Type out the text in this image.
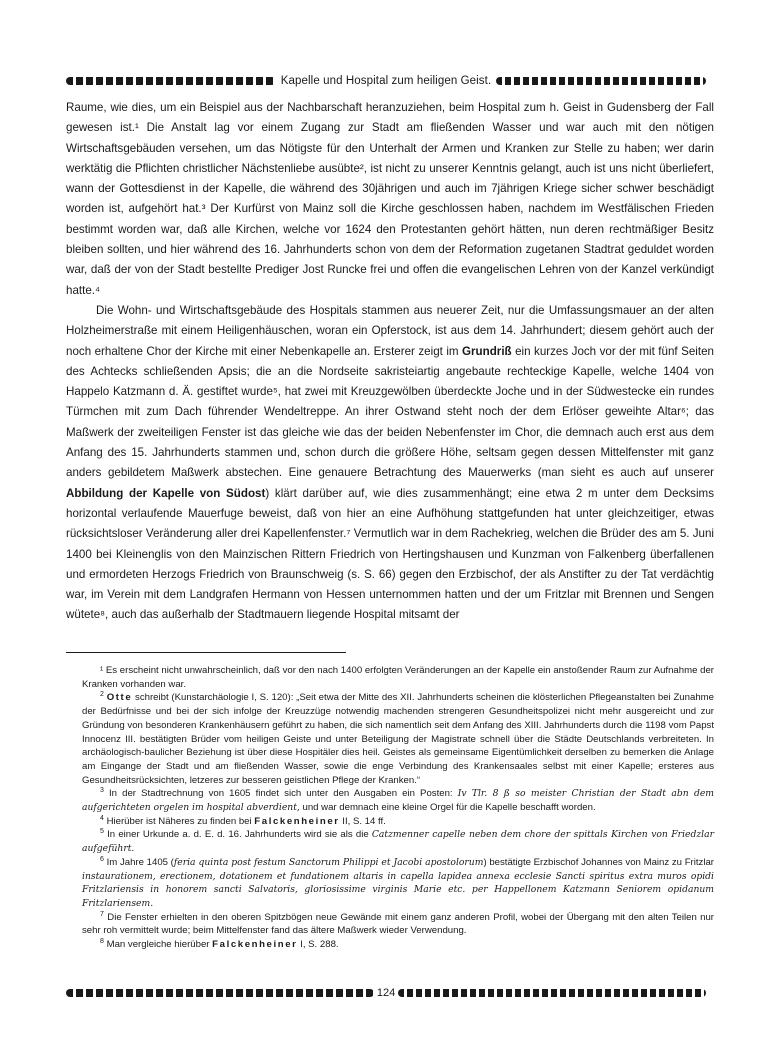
Kapelle und Hospital zum heiligen Geist.

Raume, wie dies, um ein Beispiel aus der Nachbarschaft heranzuziehen, beim Hospital zum h. Geist in Gudensberg der Fall gewesen ist.¹ Die Anstalt lag vor einem Zugang zur Stadt am fließenden Wasser und war auch mit den nötigen Wirtschaftsgebäuden versehen, um das Nötigste für den Unterhalt der Armen und Kranken zur Stelle zu haben; wer darin werktätig die Pflichten christlicher Nächstenliebe ausübte², ist nicht zu unserer Kenntnis gelangt, auch ist uns nicht überliefert, wann der Gottesdienst in der Kapelle, die während des 30jährigen und auch im 7jährigen Kriege sicher schwer beschädigt worden ist, aufgehört hat.³ Der Kurfürst von Mainz soll die Kirche geschlossen haben, nachdem im Westfälischen Frieden bestimmt worden war, daß alle Kirchen, welche vor 1624 den Protestanten gehört hätten, nun deren rechtmäßiger Besitz bleiben sollten, und hier während des 16. Jahrhunderts schon von dem der Reformation zugetanen Stadtrat geduldet worden war, daß der von der Stadt bestellte Prediger Jost Runcke frei und offen die evangelischen Lehren von der Kanzel verkündigt hatte.⁴

Die Wohn- und Wirtschaftsgebäude des Hospitals stammen aus neuerer Zeit, nur die Umfassungsmauer an der alten Holzheimerstraße mit einem Heiligenhäuschen, woran ein Opferstock, ist aus dem 14. Jahrhundert; diesem gehört auch der noch erhaltene Chor der Kirche mit einer Nebenkapelle an. Ersterer zeigt im Grundriß ein kurzes Joch vor der mit fünf Seiten des Achtecks schließenden Apsis; die an die Nordseite sakristeiartig angebaute rechteckige Kapelle, welche 1404 von Happelo Katzmann d. Ä. gestiftet wurde⁵, hat zwei mit Kreuzgewölben überdeckte Joche und in der Südwestecke ein rundes Türmchen mit zum Dach führender Wendeltreppe. An ihrer Ostwand steht noch der dem Erlöser geweihte Altar⁶; das Maßwerk der zweiteiligen Fenster ist das gleiche wie das der beiden Nebenfenster im Chor, die demnach auch erst aus dem Anfang des 15. Jahrhunderts stammen und, schon durch die größere Höhe, seltsam gegen dessen Mittelfenster mit ganz anders gebildetem Maßwerk abstechen. Eine genauere Betrachtung des Mauerwerks (man sieht es auch auf unserer Abbildung der Kapelle von Südost) klärt darüber auf, wie dies zusammenhängt; eine etwa 2 m unter dem Decksims horizontal verlaufende Mauerfuge beweist, daß von hier an eine Aufhöhung stattgefunden hat unter gleichzeitiger, etwas rücksichtsloser Veränderung aller drei Kapellenfenster.⁷ Vermutlich war in dem Rachekrieg, welchen die Brüder des am 5. Juni 1400 bei Kleinenglis von den Mainzischen Rittern Friedrich von Hertingshausen und Kunzman von Falkenberg überfallenen und ermordeten Herzogs Friedrich von Braunschweig (s. S. 66) gegen den Erzbischof, der als Anstifter zu der Tat verdächtig war, im Verein mit dem Landgrafen Hermann von Hessen unternommen hatten und der um Fritzlar mit Brennen und Sengen wütete⁸, auch das außerhalb der Stadtmauern liegende Hospital mitsamt der

¹ Es erscheint nicht unwahrscheinlich, daß vor den nach 1400 erfolgten Veränderungen an der Kapelle ein anstoßender Raum zur Aufnahme der Kranken vorhanden war.

$^2$ Otte schreibt (Kunstarchäologie I, S. 120): „Seit etwa der Mitte des XII. Jahrhunderts scheinen die klösterlichen Pflegeanstalten bei Zunahme der Bedürfnisse und bei der sich infolge der Kreuzzüge notwendig machenden strengeren Gesundheitspolizei nicht mehr ausgereicht und zur Gründung von besonderen Krankenhäusern geführt zu haben, die sich namentlich seit dem Anfang des XIII. Jahrhunderts durch die 1198 vom Papst Innocenz III. bestätigten Brüder vom heiligen Geiste und unter Beteiligung der Magistrate schnell über die Städte Deutschlands verbreiteten. In archäologisch-baulicher Beziehung ist über diese Hospitäler dies heil. Geistes als gemeinsame Eigentümlichkeit derselben zu bemerken die Anlage am Eingange der Stadt und am fließenden Wasser, sowie die enge Verbindung des Krankensaales selbst mit einer Kapelle; ersteres aus Gesundheitsrücksichten, letzeres zur besseren geistlichen Pflege der Kranken.“

$^3$ In der Stadtrechnung von 1605 findet sich unter den Ausgaben ein Posten: Iv Tlr. 8 ß so meister Christian der Stadt abn dem aufgerichteten orgelen im hospital abverdient, und war demnach eine kleine Orgel für die Kapelle beschafft worden.

$^4$ Hierüber ist Näheres zu finden bei Falckenheiner II, S. 14 ff.

$^5$ In einer Urkunde a. d. E. d. 16. Jahrhunderts wird sie als die Catzmenner capelle neben dem chore der spittals Kirchen von Friedzlar aufgeführt.

$^6$ Im Jahre 1405 (feria quinta post festum Sanctorum Philippi et Jacobi apostolorum) bestätigte Erzbischof Johannes von Mainz zu Fritzlar instaurationem, erectionem, dotationem et fundationem altaris in capella lapidea annexa ecclesie Sancti spiritus extra muros opidi Fritzlariensis in honorem sancti Salvatoris, gloriosissime virginis Marie etc. per Happellonem Katzmann Seniorem opidanum Fritzlariensem.

$^7$ Die Fenster erhielten in den oberen Spitzbögen neue Gewände mit einem ganz anderen Profil, wobei der Übergang mit den alten Teilen nur sehr roh vermittelt wurde; beim Mittelfenster fand das ältere Maßwerk wieder Verwendung.

$^8$ Man vergleiche hierüber Falckenheiner I, S. 288.

124
